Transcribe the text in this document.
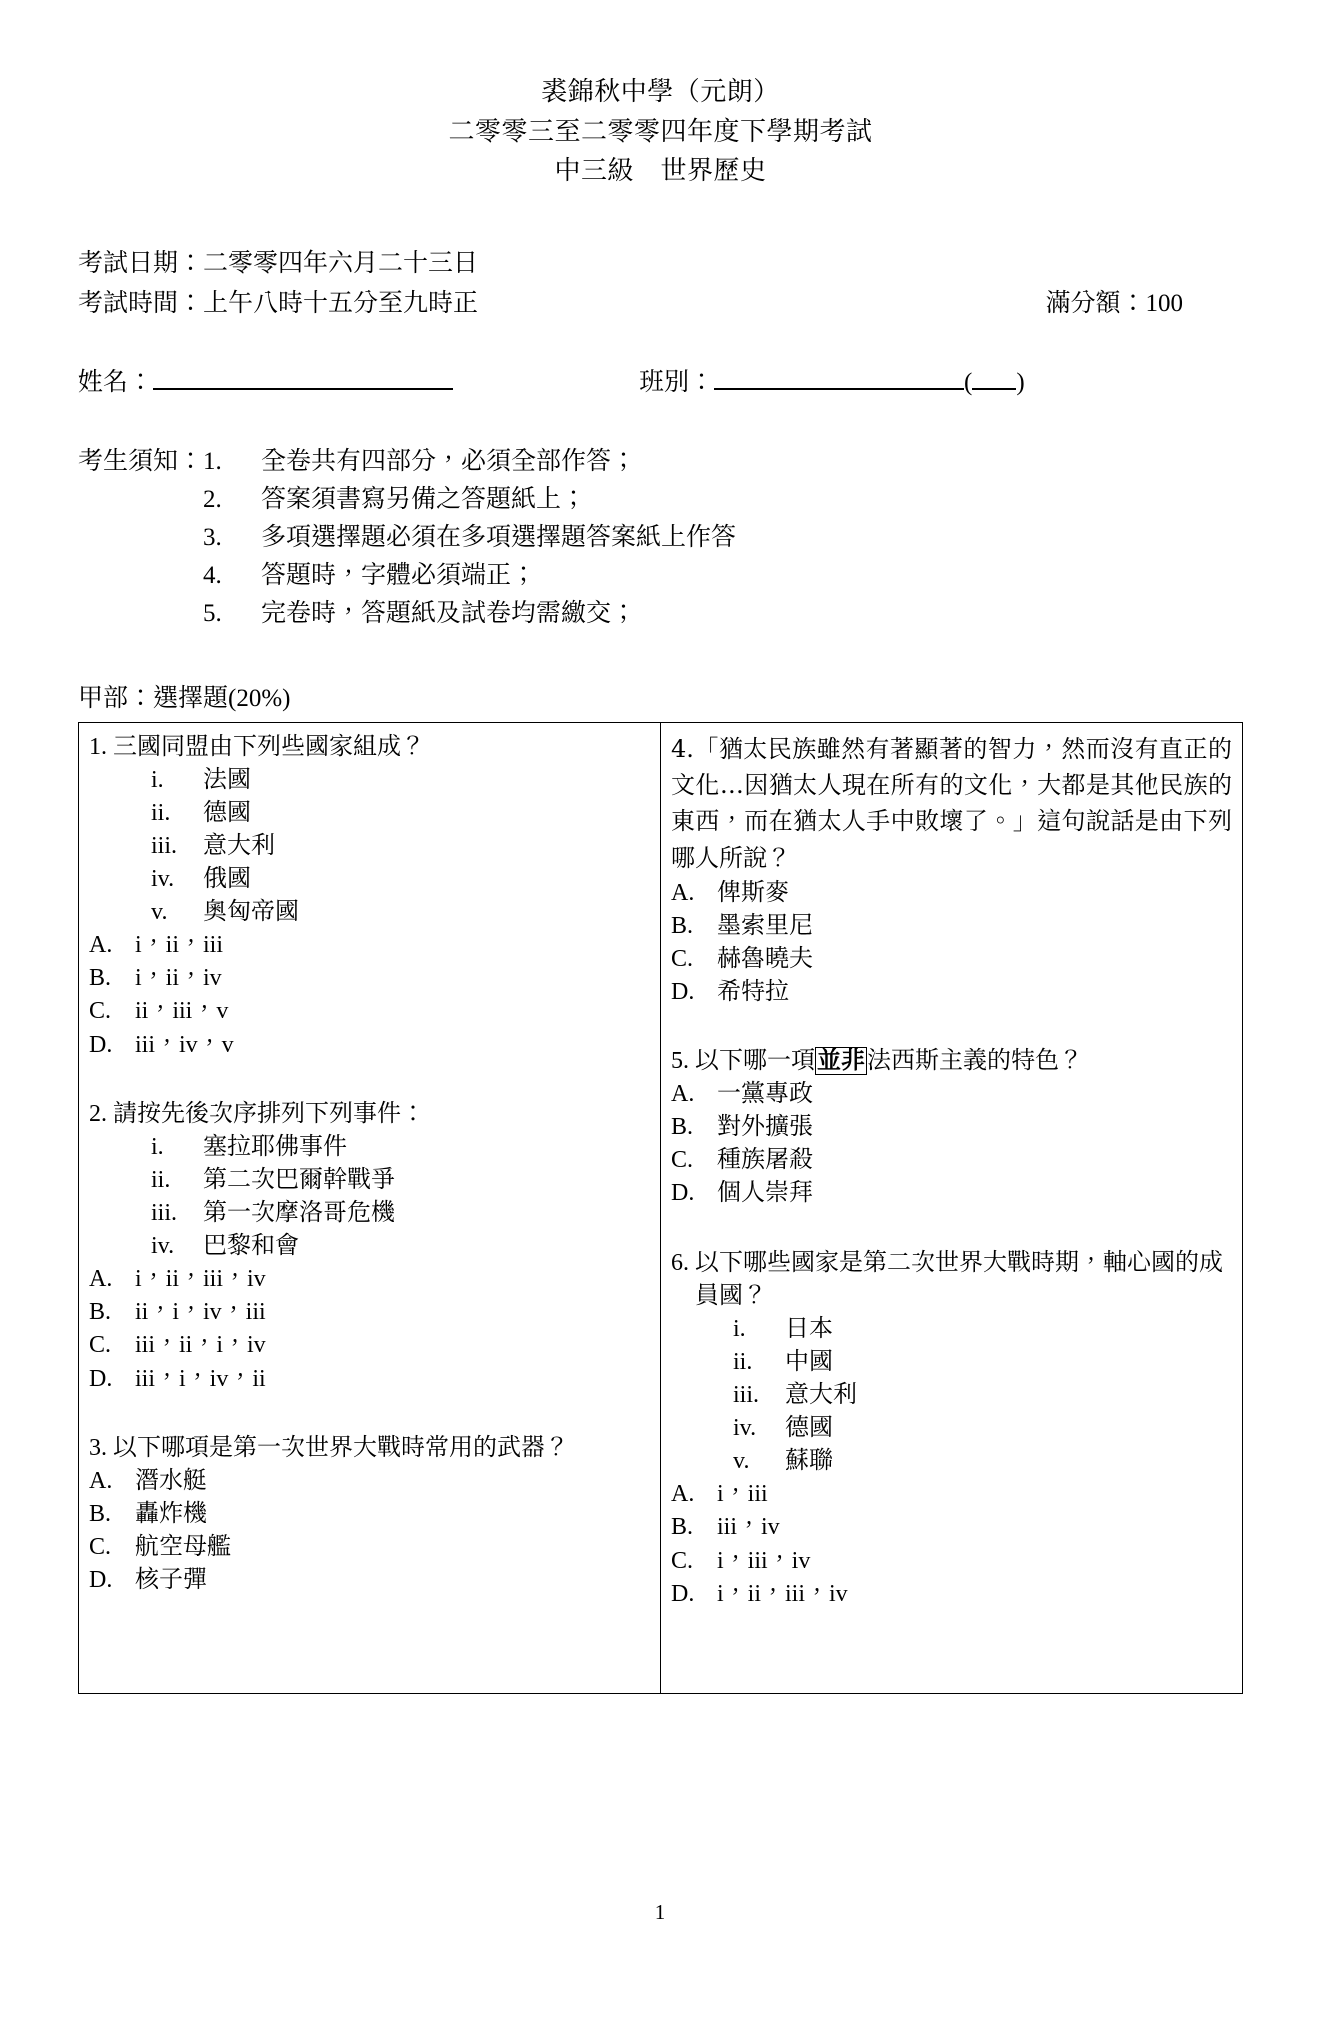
裘錦秋中學（元朗）
二零零三至二零零四年度下學期考試
中三級　世界歷史
考試日期：二零零四年六月二十三日
考試時間：上午八時十五分至九時正	滿分額：100
姓名：	班別：	( )
考生須知： 1.	全卷共有四部分，必須全部作答；
2.	答案須書寫另備之答題紙上；
3.	多項選擇題必須在多項選擇題答案紙上作答
4.	答題時，字體必須端正；
5.	完卷時，答題紙及試卷均需繳交；
甲部：選擇題(20%)
1. 三國同盟由下列些國家組成？
i.	法國
ii.	德國
iii.	意大利
iv.	俄國
v.	奧匈帝國
A. i，ii，iii
B. i，ii，iv
C. ii，iii，v
D. iii，iv，v
2. 請按先後次序排列下列事件：
i.	塞拉耶佛事件
ii.	第二次巴爾幹戰爭
iii.	第一次摩洛哥危機
iv.	巴黎和會
A. i，ii，iii，iv
B. ii，i，iv，iii
C. iii，ii，i，iv
D. iii，i，iv，ii
3. 以下哪項是第一次世界大戰時常用的武器？
A. 潛水艇
B. 轟炸機
C. 航空母艦
D. 核子彈

4.「猶太民族雖然有著顯著的智力，然而沒有直正的文化…因猶太人現在所有的文化，大都是其他民族的東西，而在猶太人手中敗壞了。」這句說話是由下列哪人所說？
A. 俾斯麥
B. 墨索里尼
C. 赫魯曉夫
D. 希特拉
5. 以下哪一項並非法西斯主義的特色？
A. 一黨專政
B. 對外擴張
C. 種族屠殺
D. 個人崇拜
6. 以下哪些國家是第二次世界大戰時期，軸心國的成員國？
i.	日本
ii.	中國
iii.	意大利
iv.	德國
v.	蘇聯
A. i，iii
B. iii，iv
C. i，iii，iv
D. i，ii，iii，iv
1
